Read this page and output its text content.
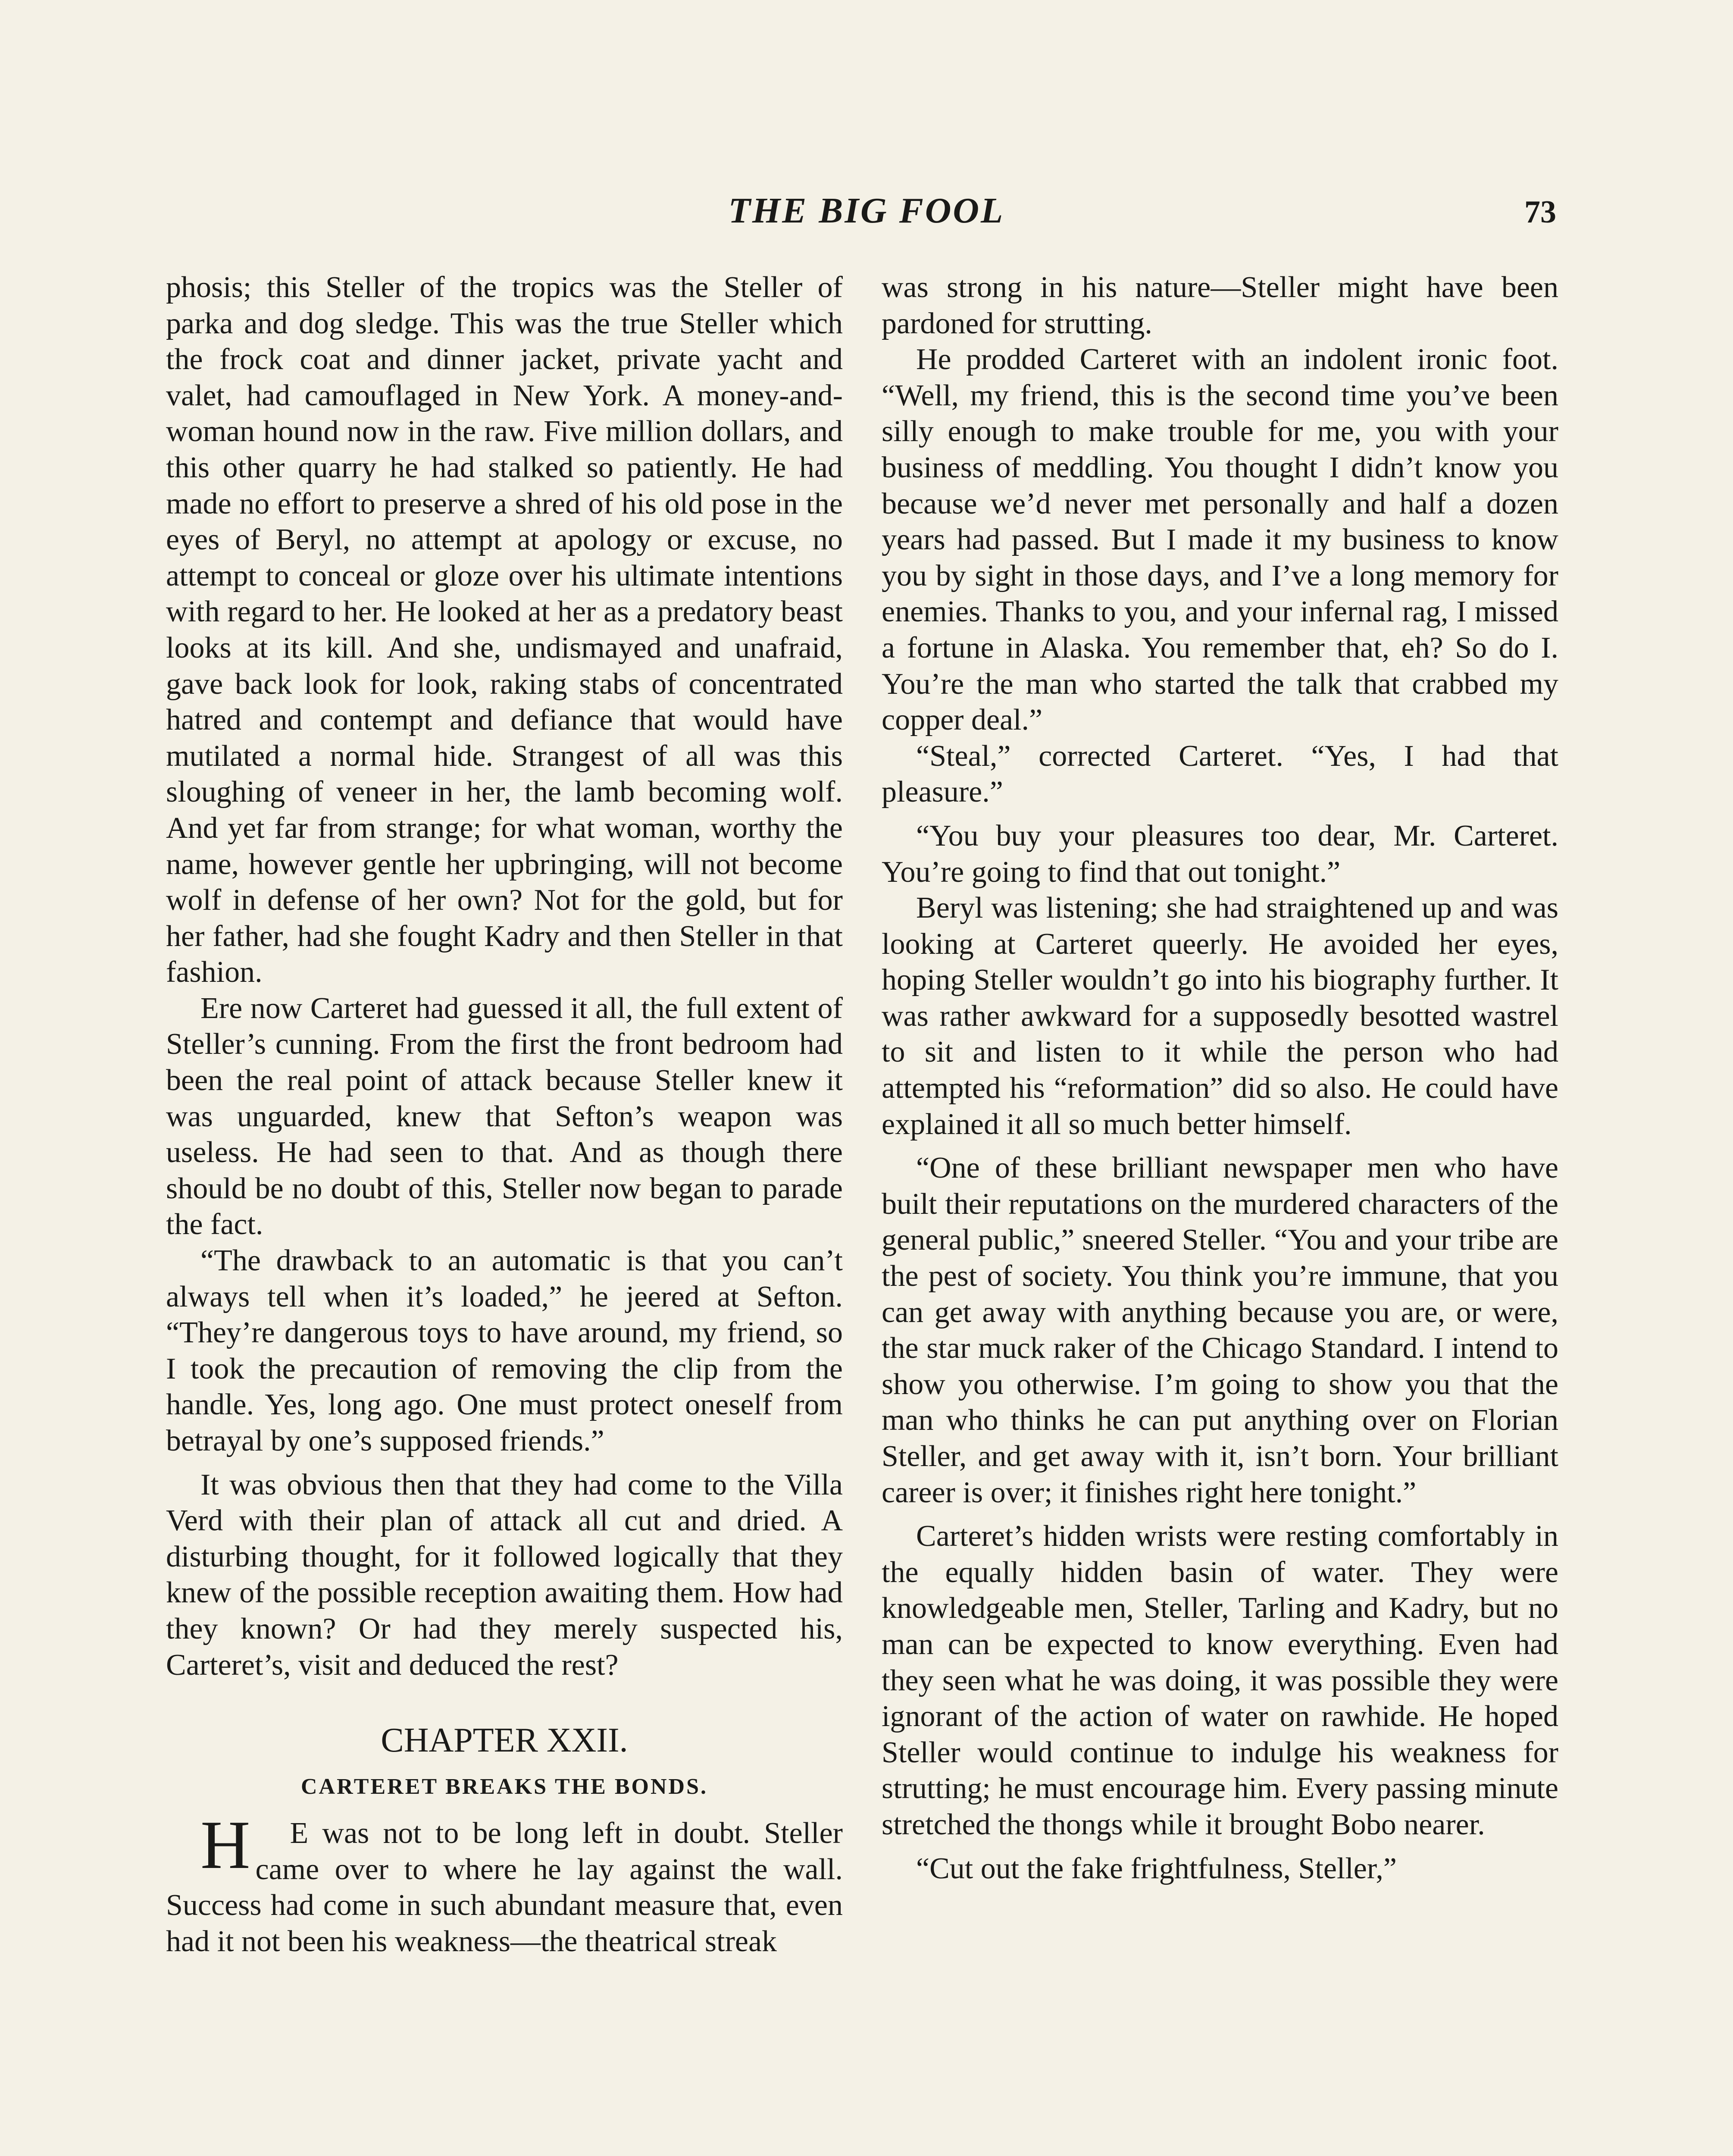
THE BIG FOOL	73

phosis; this Steller of the tropics was the Steller of parka and dog sledge. This was the true Steller which the frock coat and dinner jacket, private yacht and valet, had camouflaged in New York. A money-and-woman hound now in the raw. Five million dollars, and this other quarry he had stalked so patiently. He had made no effort to preserve a shred of his old pose in the eyes of Beryl, no attempt at apology or excuse, no attempt to conceal or gloze over his ultimate intentions with regard to her. He looked at her as a predatory beast looks at its kill. And she, undismayed and unafraid, gave back look for look, raking stabs of concentrated hatred and contempt and defiance that would have mutilated a normal hide. Strangest of all was this sloughing of veneer in her, the lamb becoming wolf. And yet far from strange; for what woman, worthy the name, however gentle her upbringing, will not become wolf in defense of her own? Not for the gold, but for her father, had she fought Kadry and then Steller in that fashion.

Ere now Carteret had guessed it all, the full extent of Steller’s cunning. From the first the front bedroom had been the real point of attack because Steller knew it was unguarded, knew that Sefton’s weapon was useless. He had seen to that. And as though there should be no doubt of this, Steller now began to parade the fact.

“The drawback to an automatic is that you can’t always tell when it’s loaded,” he jeered at Sefton. “They’re dangerous toys to have around, my friend, so I took the precaution of removing the clip from the handle. Yes, long ago. One must protect oneself from betrayal by one’s supposed friends.”

It was obvious then that they had come to the Villa Verd with their plan of attack all cut and dried. A disturbing thought, for it followed logically that they knew of the possible reception awaiting them. How had they known? Or had they merely suspected his, Carteret’s, visit and deduced the rest?

CHAPTER XXII.
CARTERET BREAKS THE BONDS.

H E was not to be long left in doubt. Steller came over to where he lay against the wall. Success had come in such abundant measure that, even had it not been his weakness—the theatrical streak

was strong in his nature—Steller might have been pardoned for strutting.

He prodded Carteret with an indolent ironic foot. “Well, my friend, this is the second time you’ve been silly enough to make trouble for me, you with your business of meddling. You thought I didn’t know you because we’d never met personally and half a dozen years had passed. But I made it my business to know you by sight in those days, and I’ve a long memory for enemies. Thanks to you, and your infernal rag, I missed a fortune in Alaska. You remember that, eh? So do I. You’re the man who started the talk that crabbed my copper deal.”

“Steal,” corrected Carteret. “Yes, I had that pleasure.”

“You buy your pleasures too dear, Mr. Carteret. You’re going to find that out tonight.”

Beryl was listening; she had straightened up and was looking at Carteret queerly. He avoided her eyes, hoping Steller wouldn’t go into his biography further. It was rather awkward for a supposedly besotted wastrel to sit and listen to it while the person who had attempted his “reformation” did so also. He could have explained it all so much better himself.

“One of these brilliant newspaper men who have built their reputations on the murdered characters of the general public,” sneered Steller. “You and your tribe are the pest of society. You think you’re immune, that you can get away with anything because you are, or were, the star muck raker of the Chicago Standard. I intend to show you otherwise. I’m going to show you that the man who thinks he can put anything over on Florian Steller, and get away with it, isn’t born. Your brilliant career is over; it finishes right here tonight.”

Carteret’s hidden wrists were resting comfortably in the equally hidden basin of water. They were knowledgeable men, Steller, Tarling and Kadry, but no man can be expected to know everything. Even had they seen what he was doing, it was possible they were ignorant of the action of water on rawhide. He hoped Steller would continue to indulge his weakness for strutting; he must encourage him. Every passing minute stretched the thongs while it brought Bobo nearer.

“Cut out the fake frightfulness, Steller,”
